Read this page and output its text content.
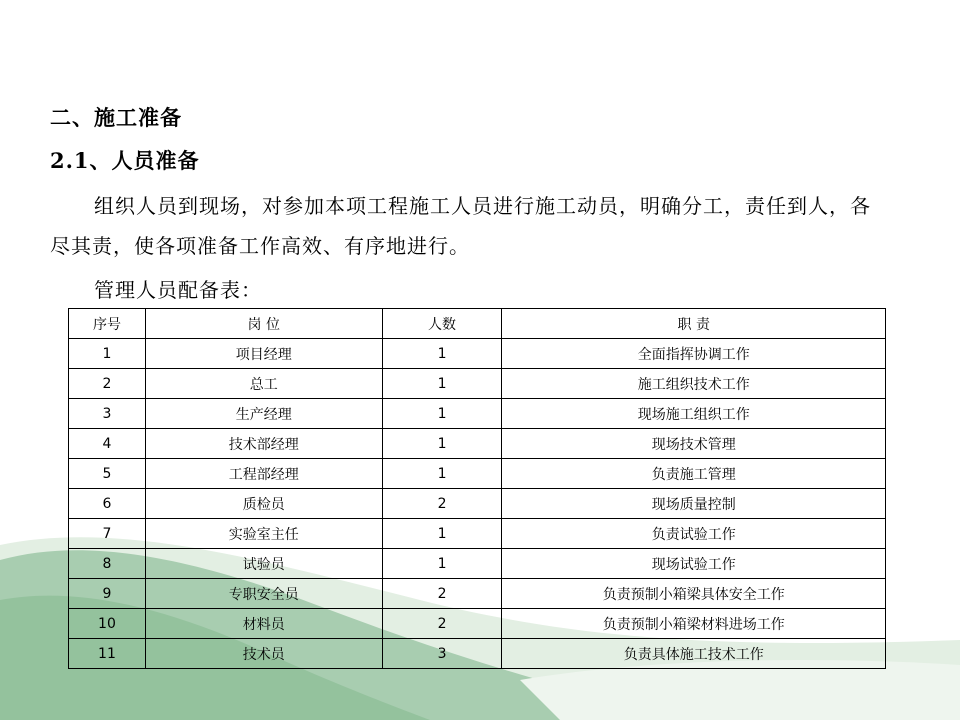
二、施工准备
2.1、人员准备
组织人员到现场，对参加本项工程施工人员进行施工动员，明确分工，责任到人，各尽其责，使各项准备工作高效、有序地进行。
管理人员配备表：
序号	岗 位	人数	职 责
1	项目经理	1	全面指挥协调工作
2	总工	1	施工组织技术工作
3	生产经理	1	现场施工组织工作
4	技术部经理	1	现场技术管理
5	工程部经理	1	负责施工管理
6	质检员	2	现场质量控制
7	实验室主任	1	负责试验工作
8	试验员	1	现场试验工作
9	专职安全员	2	负责预制小箱梁具体安全工作
10	材料员	2	负责预制小箱梁材料进场工作
11	技术员	3	负责具体施工技术工作
